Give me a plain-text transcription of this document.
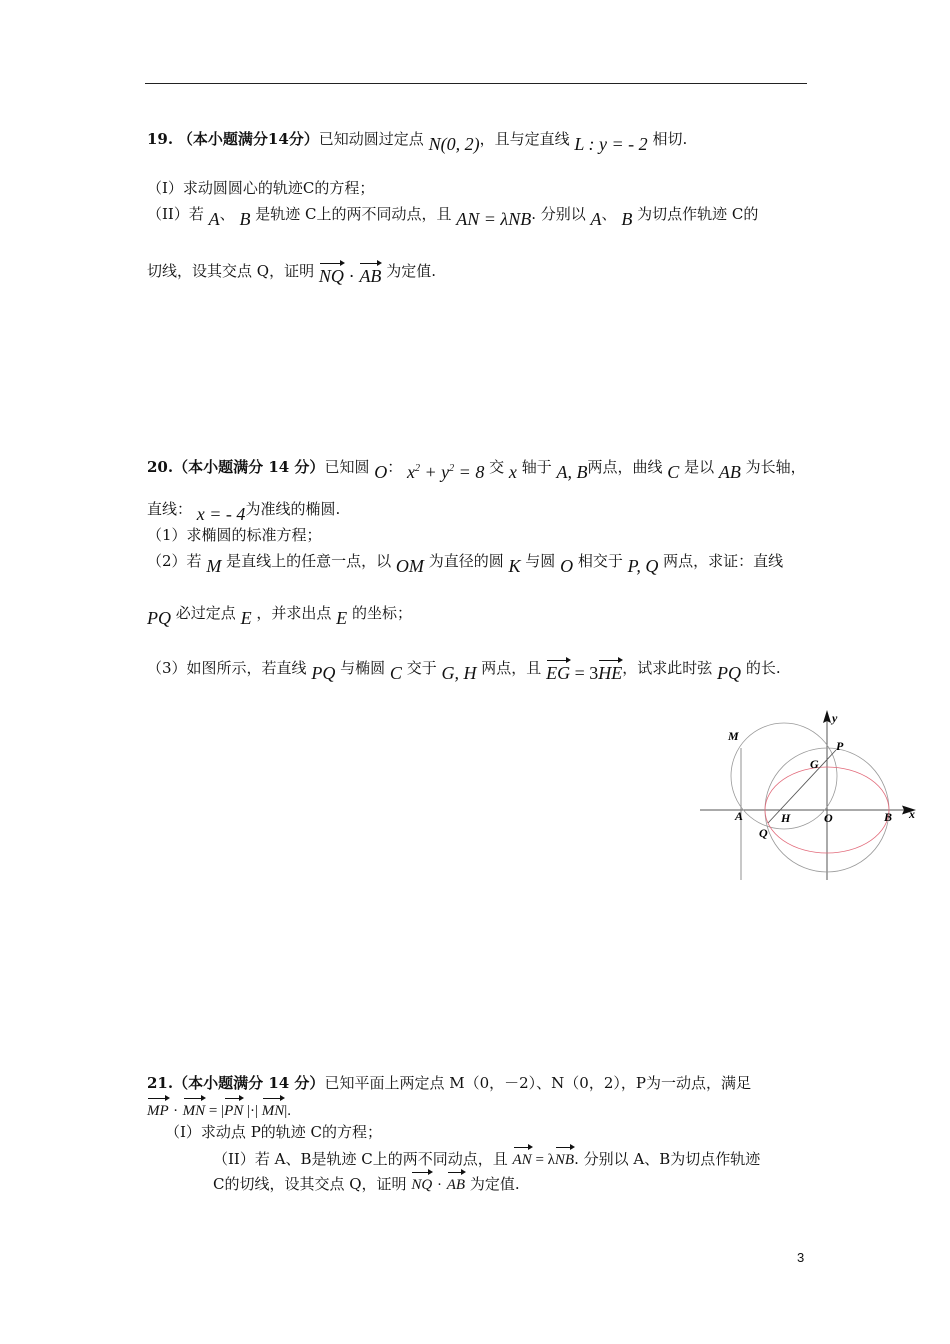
19. （本小题满分14分）已知动圆过定点 N(0, 2)，且与定直线 L : y = - 2 相切.
（I）求动圆圆心的轨迹C的方程；
（II）若 A、 B 是轨迹 C上的两不同动点，且 AN = λNB. 分别以 A、 B 为切点作轨迹 C的
切线，设其交点 Q，证明 NQ · AB 为定值.
20.（本小题满分 14 分）已知圆 O： $x^2 + y^2 = 8$ 交 x 轴于 A, B两点，曲线 C 是以 AB 为长轴，
直线： x = - 4为准线的椭圆.
（1）求椭圆的标准方程；
（2）若 M 是直线上的任意一点，以 OM 为直径的圆 K 与圆 O 相交于 P, Q 两点，求证：直线
PQ 必过定点 E ，并求出点 E 的坐标；
（3）如图所示，若直线 PQ 与椭圆 C 交于 G, H 两点，且 EG = 3HE，试求此时弦 PQ 的长.
M
y
P
G
A	H	O	B x
Q
21.（本小题满分 14 分）已知平面上两定点 M（0，－2）、N（0，2），P为一动点，满足
MP · MN = |PN |·| MN|.
（I）求动点 P的轨迹 C的方程；
（II）若 A、B是轨迹 C上的两不同动点，且 AN = λNB. 分别以 A、B为切点作轨迹
C的切线，设其交点 Q，证明 NQ · AB 为定值.
3
